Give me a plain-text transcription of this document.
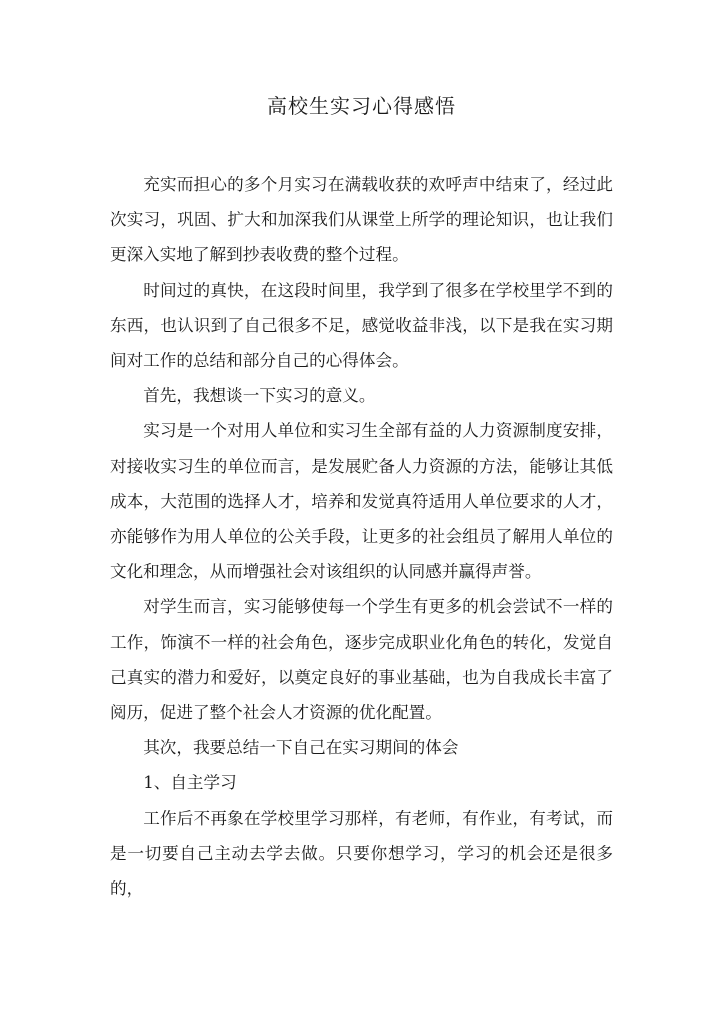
高校生实习心得感悟

充实而担心的多个月实习在满载收获的欢呼声中结束了，经过此次实习，巩固、扩大和加深我们从课堂上所学的理论知识，也让我们更深入实地了解到抄表收费的整个过程。

时间过的真快，在这段时间里，我学到了很多在学校里学不到的东西，也认识到了自己很多不足，感觉收益非浅，以下是我在实习期间对工作的总结和部分自己的心得体会。

首先，我想谈一下实习的意义。

实习是一个对用人单位和实习生全部有益的人力资源制度安排，对接收实习生的单位而言，是发展贮备人力资源的方法，能够让其低成本，大范围的选择人才，培养和发觉真符适用人单位要求的人才，亦能够作为用人单位的公关手段，让更多的社会组员了解用人单位的文化和理念，从而增强社会对该组织的认同感并赢得声誉。

对学生而言，实习能够使每一个学生有更多的机会尝试不一样的工作，饰演不一样的社会角色，逐步完成职业化角色的转化，发觉自己真实的潜力和爱好，以奠定良好的事业基础，也为自我成长丰富了阅历，促进了整个社会人才资源的优化配置。

其次，我要总结一下自己在实习期间的体会

1、自主学习

工作后不再象在学校里学习那样，有老师，有作业，有考试，而是一切要自己主动去学去做。只要你想学习，学习的机会还是很多的，
